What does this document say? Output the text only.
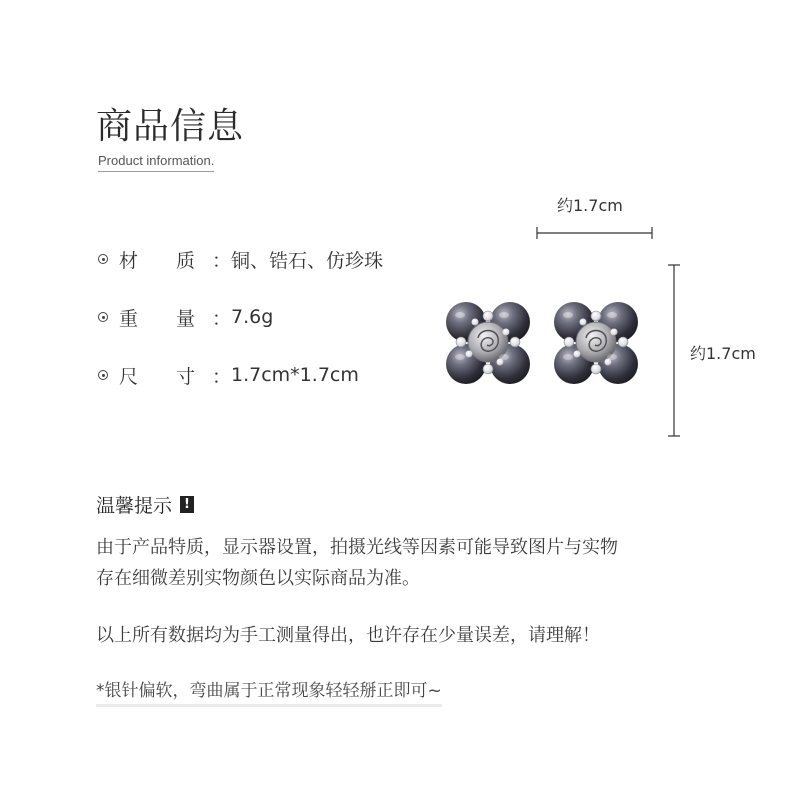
商品信息
Product information.
材　　质 ： 铜、锆石、仿珍珠
重　　量 ： 7.6g
尺　　寸 ： 1.7cm*1.7cm
约1.7cm
约1.7cm
温馨提示 !
由于产品特质，显示器设置，拍摄光线等因素可能导致图片与实物
存在细微差别实物颜色以实际商品为准。
以上所有数据均为手工测量得出，也许存在少量误差，请理解！
*银针偏软，弯曲属于正常现象轻轻掰正即可~
